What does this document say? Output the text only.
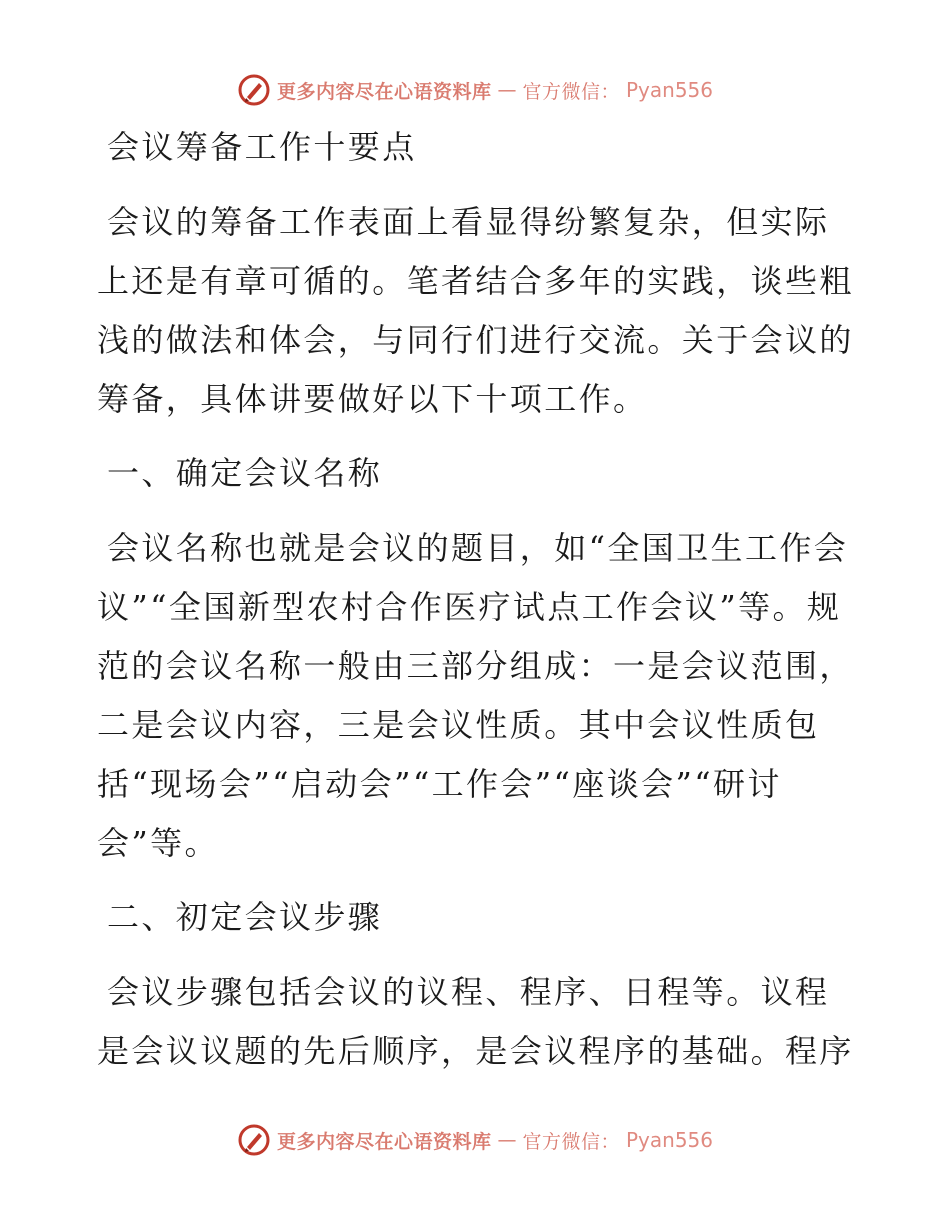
更多内容尽在心语资料库 — 官方微信： Pyan556

会议筹备工作十要点

会议的筹备工作表面上看显得纷繁复杂，但实际上还是有章可循的。笔者结合多年的实践，谈些粗浅的做法和体会，与同行们进行交流。关于会议的筹备，具体讲要做好以下十项工作。

一、确定会议名称

会议名称也就是会议的题目，如“全国卫生工作会议”“全国新型农村合作医疗试点工作会议”等。规范的会议名称一般由三部分组成：一是会议范围，二是会议内容，三是会议性质。其中会议性质包括“现场会”“启动会”“工作会”“座谈会”“研讨会”等。

二、初定会议步骤

会议步骤包括会议的议程、程序、日程等。议程是会议议题的先后顺序，是会议程序的基础。程序

更多内容尽在心语资料库 — 官方微信： Pyan556
